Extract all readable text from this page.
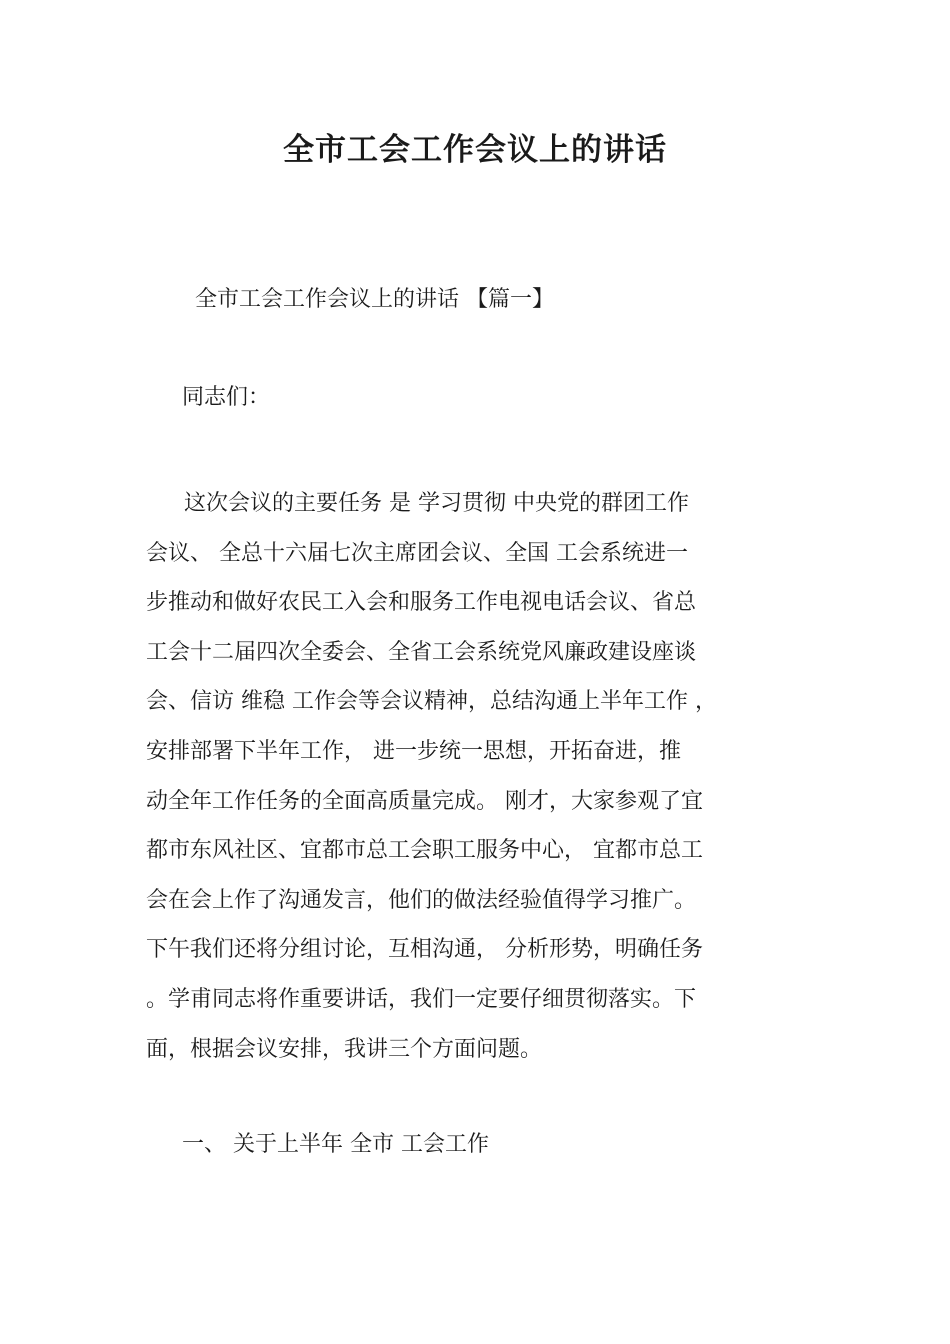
全市工会工作会议上的讲话
全市工会工作会议上的讲话 【篇一】
同志们：
这次会议的主要任务 是 学习贯彻 中央党的群团工作
会议、 全总十六届七次主席团会议、全国 工会系统进一
步推动和做好农民工入会和服务工作电视电话会议、省总
工会十二届四次全委会、全省工会系统党风廉政建设座谈
会、信访 维稳 工作会等会议精神，总结沟通上半年工作 ，
安排部署下半年工作， 进一步统一思想，开拓奋进，推
动全年工作任务的全面高质量完成。 刚才，大家参观了宜
都市东风社区、宜都市总工会职工服务中心， 宜都市总工
会在会上作了沟通发言，他们的做法经验值得学习推广。
下午我们还将分组讨论，互相沟通， 分析形势，明确任务
。学甫同志将作重要讲话，我们一定要仔细贯彻落实。下
面，根据会议安排，我讲三个方面问题。
一、 关于上半年 全市 工会工作
